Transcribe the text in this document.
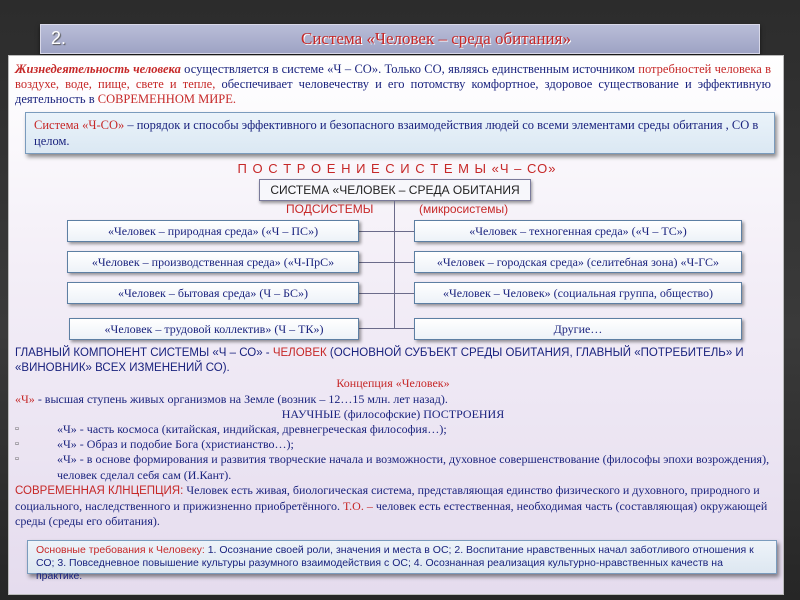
2.	Система «Человек – среда обитания»
Жизнедеятельность человека осуществляется в системе «Ч – СО». Только СО, являясь единственным источником потребностей человека в воздухе, воде, пище, свете и тепле, обеспечивает человечеству и его потомству комфортное, здоровое существование и эффективную деятельность в СОВРЕМЕННОМ МИРЕ.
Система «Ч-СО» – порядок и способы эффективного и безопасного взаимодействия людей со всеми элементами среды обитания , СО в целом.
П О С Т Р О Е Н И Е С И С Т Е М Ы «Ч – СО»
СИСТЕМА «ЧЕЛОВЕК – СРЕДА ОБИТАНИЯ
ПОДСИСТЕМЫ	(микросистемы)
«Человек – природная среда» («Ч – ПС»)
«Человек – производственная среда» («Ч-ПрС»
«Человек – бытовая среда» (Ч – БС»)
«Человек – трудовой коллектив» (Ч – ТК»)
«Человек – техногенная среда» («Ч – ТС»)
«Человек – городская среда» (селитебная зона) «Ч-ГС»
«Человек – Человек» (социальная группа, общество)
Другие…
ГЛАВНЫЙ КОМПОНЕНТ СИСТЕМЫ «Ч – СО» - ЧЕЛОВЕК (ОСНОВНОЙ СУБЪЕКТ СРЕДЫ ОБИТАНИЯ, ГЛАВНЫЙ «ПОТРЕБИТЕЛЬ» И «ВИНОВНИК» ВСЕХ ИЗМЕНЕНИЙ СО).
Концепция «Человек»
«Ч» - высшая ступень живых организмов на Земле (возник – 12…15 млн. лет назад).
НАУЧНЫЕ (философские) ПОСТРОЕНИЯ
▫	«Ч» - часть космоса (китайская, индийская, древнегреческая философия…);
▫	«Ч» - Образ и подобие Бога (христианство…);
▫	«Ч» - в основе формирования и развития творческие начала и возможности, духовное совершенствование (философы эпохи возрождения), человек сделал себя сам (И.Кант).
СОВРЕМЕННАЯ КЛНЦЕПЦИЯ: Человек есть живая, биологическая система, представляющая единство физического и духовного, природного и социального, наследственного и прижизненно приобретённого. Т.О. – человек есть естественная, необходимая часть (составляющая) окружающей среды (среды его обитания).
Основные требования к Человеку: 1. Осознание своей роли, значения и места в ОС; 2. Воспитание нравственных начал заботливого отношения к СО; 3. Повседневное повышение культуры разумного взаимодействия с ОС; 4. Осознанная реализация культурно-нравственных качеств на практике.
